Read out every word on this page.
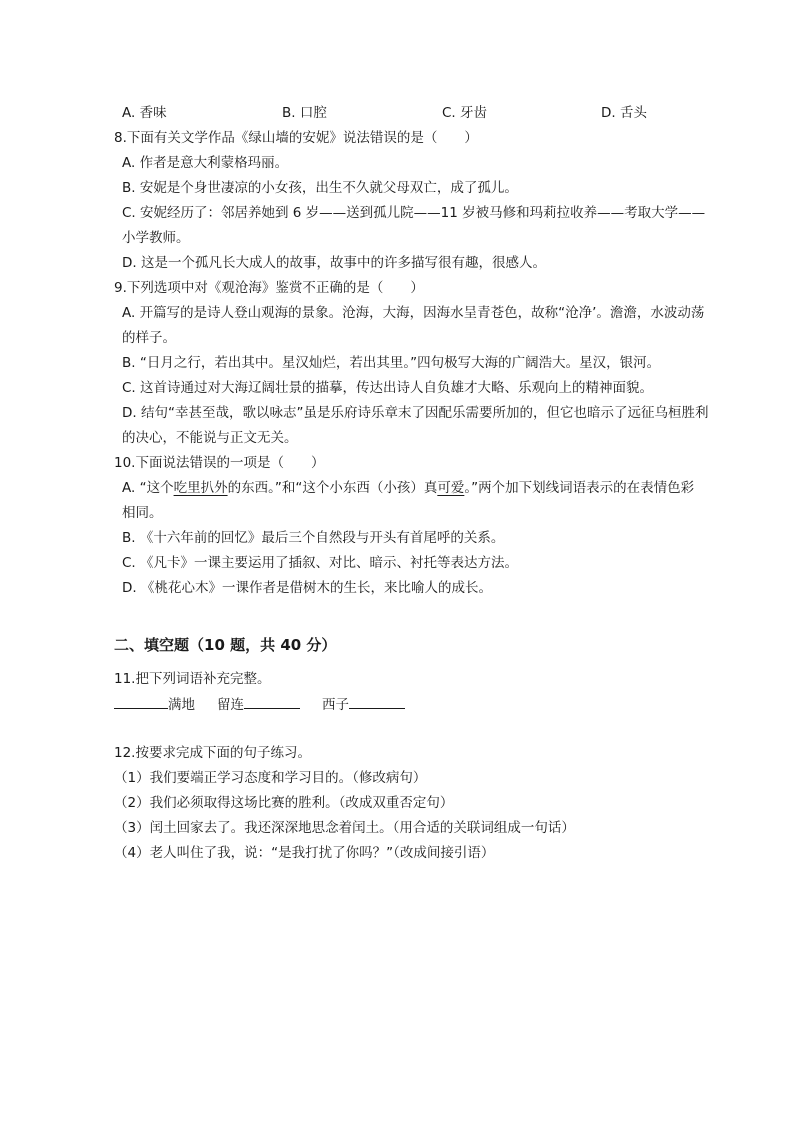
A. 香味	B. 口腔	C. 牙齿	D. 舌头
8.下面有关文学作品《绿山墙的安妮》说法错误的是（　　）
A. 作者是意大利蒙格玛丽。
B. 安妮是个身世凄凉的小女孩，出生不久就父母双亡，成了孤儿。
C. 安妮经历了：邻居养她到 6 岁——送到孤儿院——11 岁被马修和玛莉拉收养——考取大学——
小学教师。
D. 这是一个孤凡长大成人的故事，故事中的许多描写很有趣，很感人。
9.下列选项中对《观沧海》鉴赏不正确的是（　　）
A. 开篇写的是诗人登山观海的景象。沧海，大海，因海水呈青苍色，故称“沧净’。澹澹，水波动荡
的样子。
B. “日月之行，若出其中。星汉灿烂，若出其里。”四句极写大海的广阔浩大。星汉，银河。
C. 这首诗通过对大海辽阔壮景的描摹，传达出诗人自负雄才大略、乐观向上的精神面貌。
D. 结句“幸甚至哉，歌以咏志”虽是乐府诗乐章末了因配乐需要所加的，但它也暗示了远征乌桓胜利
的决心，不能说与正文无关。
10.下面说法错误的一项是（　　）
A. “这个吃里扒外的东西。”和“这个小东西（小孩）真可爱。”两个加下划线词语表示的在表情色彩
相同。
B. 《十六年前的回忆》最后三个自然段与开头有首尾呼的关系。
C. 《凡卡》一课主要运用了插叙、对比、暗示、衬托等表达方法。
D. 《桃花心木》一课作者是借树木的生长，来比喻人的成长。
二、填空题（10 题，共 40 分）
11.把下列词语补充完整。
满地 留连	西子
12.按要求完成下面的句子练习。
（1）我们要端正学习态度和学习目的。（修改病句）
（2）我们必须取得这场比赛的胜利。（改成双重否定句）
（3）闰土回家去了。我还深深地思念着闰土。（用合适的关联词组成一句话）
（4）老人叫住了我，说：“是我打扰了你吗？”（改成间接引语）
